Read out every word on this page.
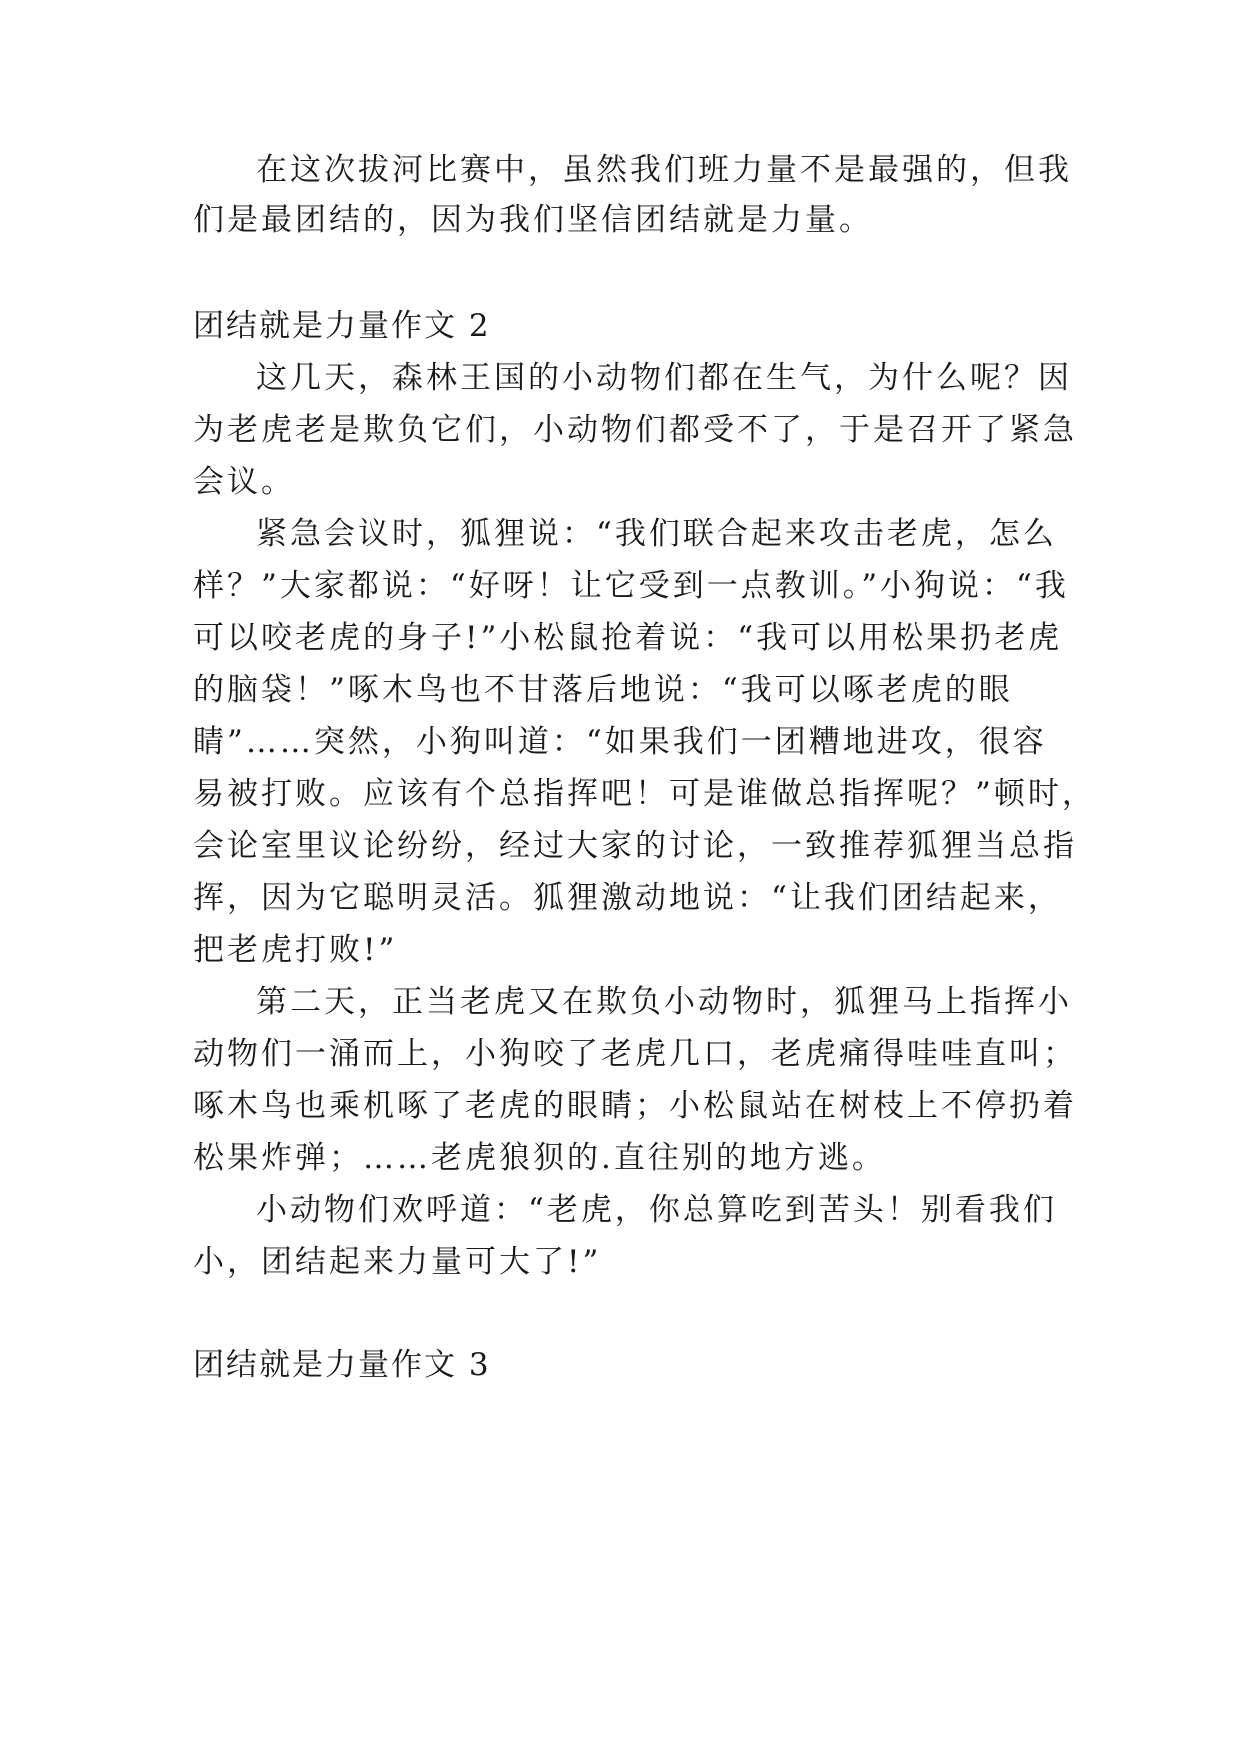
在这次拔河比赛中，虽然我们班力量不是最强的，但我

们是最团结的，因为我们坚信团结就是力量。

团结就是力量作文 2

这几天，森林王国的小动物们都在生气，为什么呢？因

为老虎老是欺负它们，小动物们都受不了，于是召开了紧急

会议。

紧急会议时，狐狸说：“我们联合起来攻击老虎，怎么

样？”大家都说：“好呀！让它受到一点教训。”小狗说：“我

可以咬老虎的身子!”小松鼠抢着说：“我可以用松果扔老虎

的脑袋！”啄木鸟也不甘落后地说：“我可以啄老虎的眼

睛”……突然，小狗叫道：“如果我们一团糟地进攻，很容

易被打败。应该有个总指挥吧！可是谁做总指挥呢？”顿时，

会论室里议论纷纷，经过大家的讨论，一致推荐狐狸当总指

挥，因为它聪明灵活。狐狸激动地说：“让我们团结起来，

把老虎打败!”

第二天，正当老虎又在欺负小动物时，狐狸马上指挥小

动物们一涌而上，小狗咬了老虎几口，老虎痛得哇哇直叫；

啄木鸟也乘机啄了老虎的眼睛；小松鼠站在树枝上不停扔着

松果炸弹；……老虎狼狈的.直往别的地方逃。

小动物们欢呼道：“老虎，你总算吃到苦头！别看我们

小，团结起来力量可大了!”

团结就是力量作文 3
